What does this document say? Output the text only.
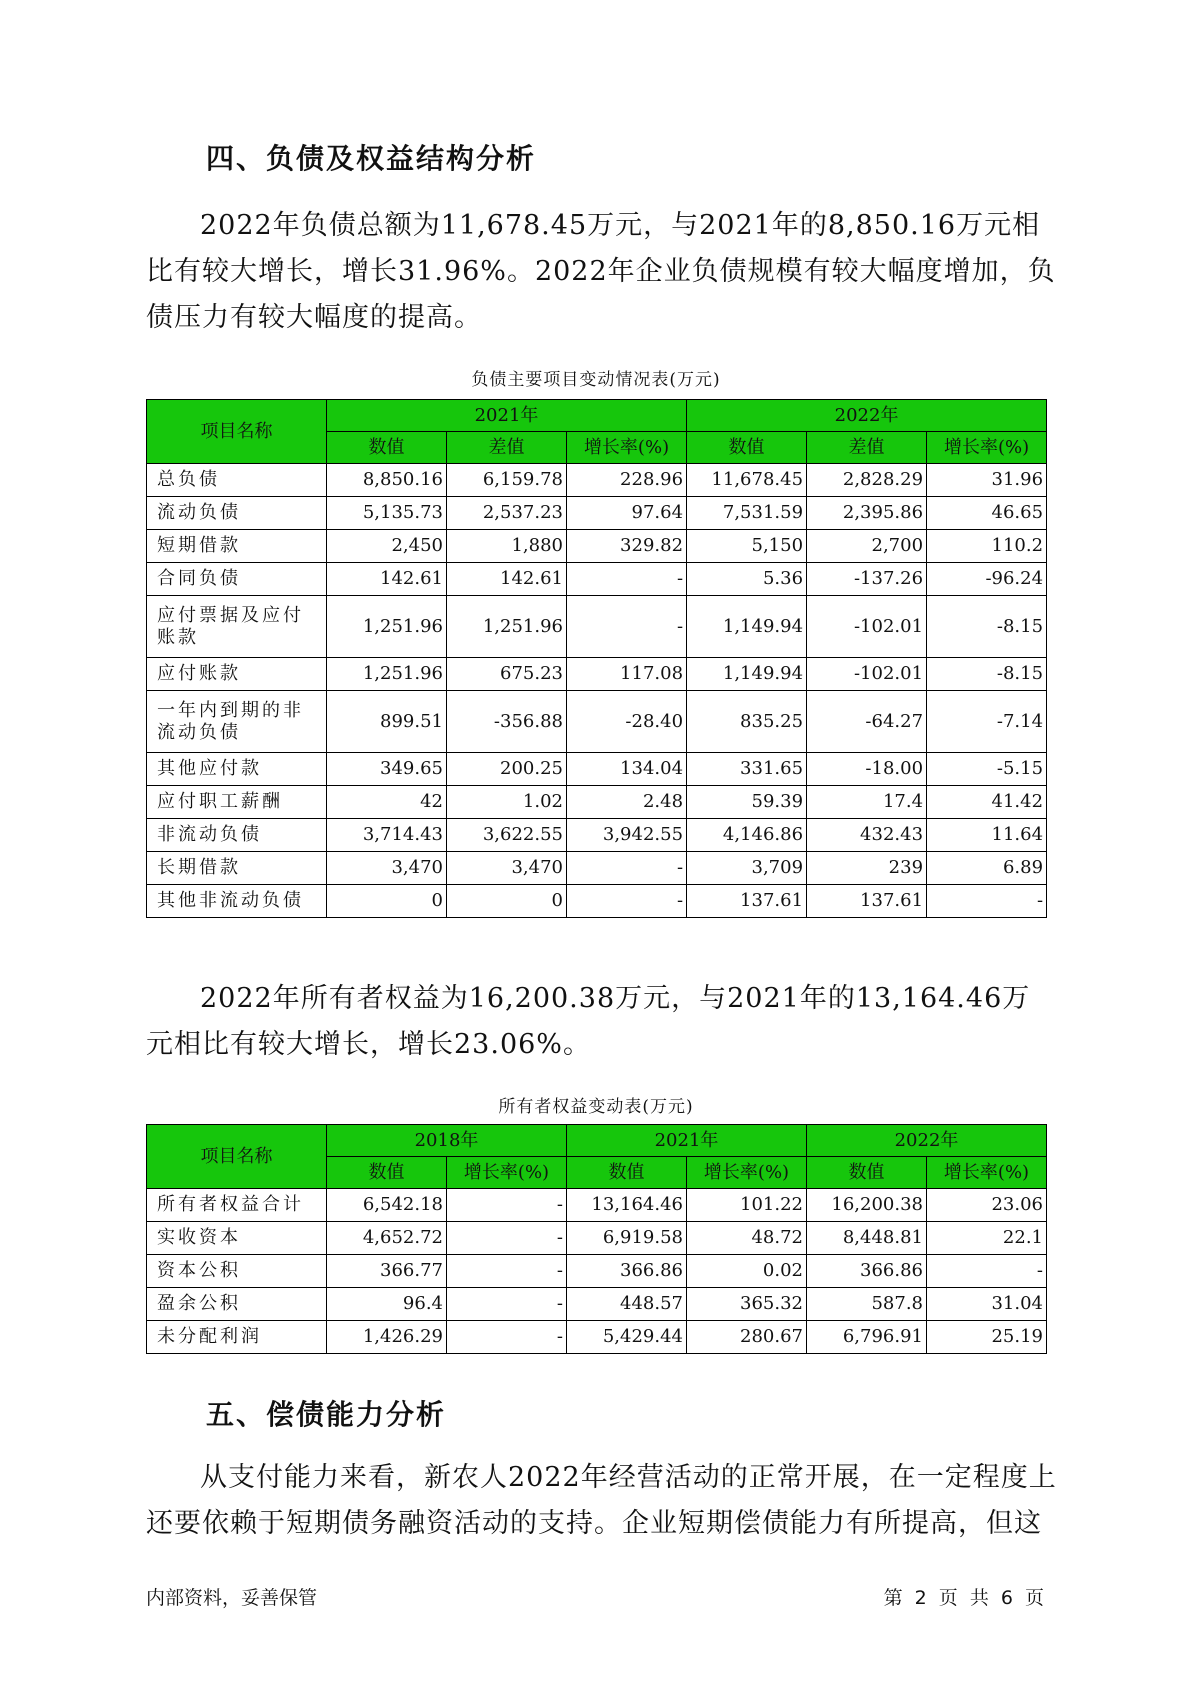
四、负债及权益结构分析

2022年负债总额为11,678.45万元，与2021年的8,850.16万元相比有较大增长，增长31.96%。2022年企业负债规模有较大幅度增加，负债压力有较大幅度的提高。

负债主要项目变动情况表(万元)
项目名称	2021年			2022年		
	数值	差值	增长率(%)	数值	差值	增长率(%)
总负债	8,850.16	6,159.78	228.96	11,678.45	2,828.29	31.96
流动负债	5,135.73	2,537.23	97.64	7,531.59	2,395.86	46.65
短期借款	2,450	1,880	329.82	5,150	2,700	110.2
合同负债	142.61	142.61	-	5.36	-137.26	-96.24
应付票据及应付账款	1,251.96	1,251.96	-	1,149.94	-102.01	-8.15
应付账款	1,251.96	675.23	117.08	1,149.94	-102.01	-8.15
一年内到期的非流动负债	899.51	-356.88	-28.40	835.25	-64.27	-7.14
其他应付款	349.65	200.25	134.04	331.65	-18.00	-5.15
应付职工薪酬	42	1.02	2.48	59.39	17.4	41.42
非流动负债	3,714.43	3,622.55	3,942.55	4,146.86	432.43	11.64
长期借款	3,470	3,470	-	3,709	239	6.89
其他非流动负债	0	0	-	137.61	137.61	-

2022年所有者权益为16,200.38万元，与2021年的13,164.46万元相比有较大增长，增长23.06%。

所有者权益变动表(万元)
项目名称	2018年		2021年		2022年	
	数值	增长率(%)	数值	增长率(%)	数值	增长率(%)
所有者权益合计	6,542.18	-	13,164.46	101.22	16,200.38	23.06
实收资本	4,652.72	-	6,919.58	48.72	8,448.81	22.1
资本公积	366.77	-	366.86	0.02	366.86	-
盈余公积	96.4	-	448.57	365.32	587.8	31.04
未分配利润	1,426.29	-	5,429.44	280.67	6,796.91	25.19
五、偿债能力分析

从支付能力来看，新农人2022年经营活动的正常开展，在一定程度上还要依赖于短期债务融资活动的支持。企业短期偿债能力有所提高，但这

内部资料，妥善保管	第 2 页 共 6 页
